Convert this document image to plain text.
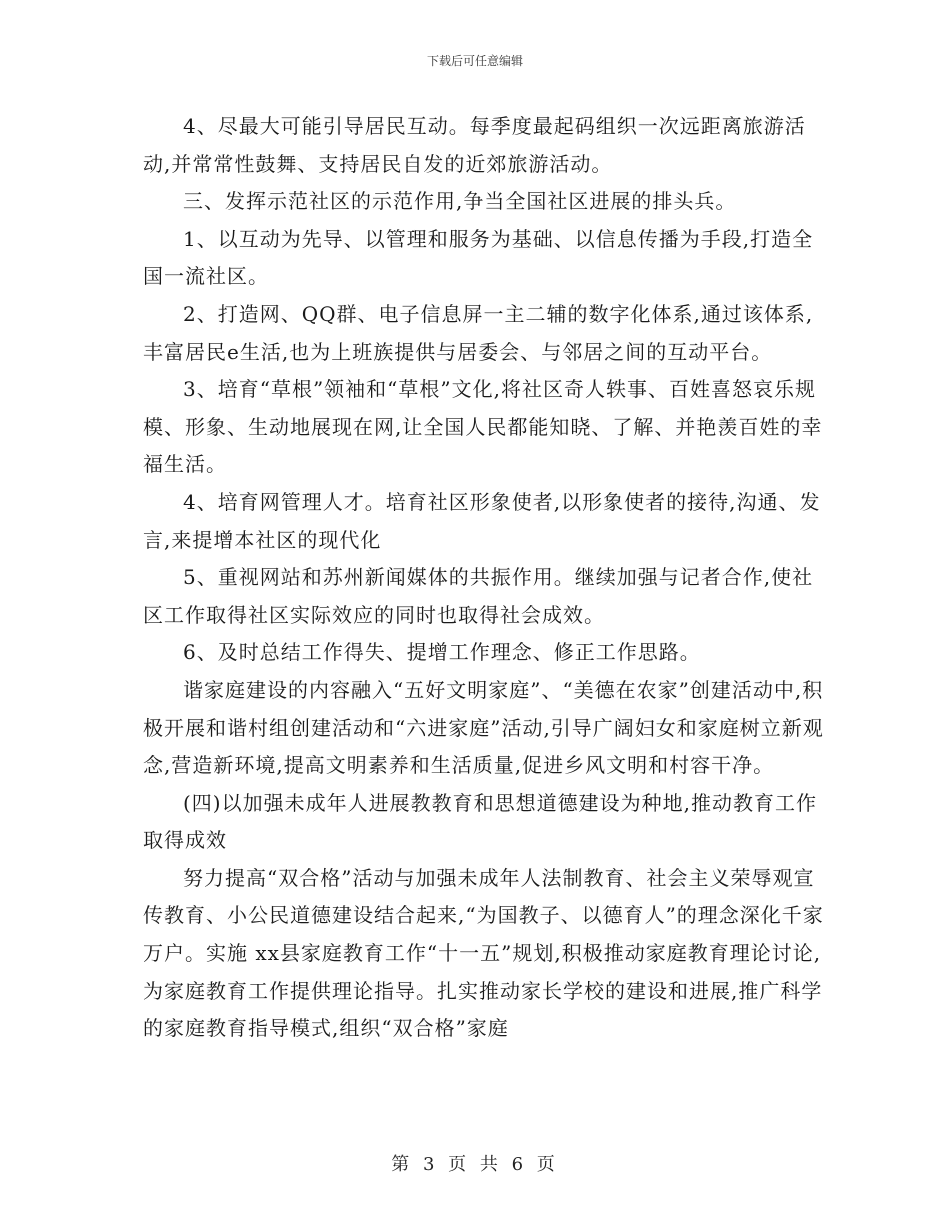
下载后可任意编辑

4、尽最大可能引导居民互动。每季度最起码组织一次远距离旅游活动,并常常性鼓舞、支持居民自发的近郊旅游活动。

三、发挥示范社区的示范作用,争当全国社区进展的排头兵。

1、以互动为先导、以管理和服务为基础、以信息传播为手段,打造全国一流社区。

2、打造网、QQ群、电子信息屏一主二辅的数字化体系,通过该体系,丰富居民e生活,也为上班族提供与居委会、与邻居之间的互动平台。

3、培育“草根”领袖和“草根”文化,将社区奇人轶事、百姓喜怒哀乐规模、形象、生动地展现在网,让全国人民都能知晓、了解、并艳羡百姓的幸福生活。

4、培育网管理人才。培育社区形象使者,以形象使者的接待,沟通、发言,来提增本社区的现代化

5、重视网站和苏州新闻媒体的共振作用。继续加强与记者合作,使社区工作取得社区实际效应的同时也取得社会成效。

6、及时总结工作得失、提增工作理念、修正工作思路。

谐家庭建设的内容融入“五好文明家庭”、“美德在农家”创建活动中,积极开展和谐村组创建活动和“六进家庭”活动,引导广阔妇女和家庭树立新观念,营造新环境,提高文明素养和生活质量,促进乡风文明和村容干净。

(四)以加强未成年人进展教教育和思想道德建设为种地,推动教育工作取得成效

努力提高“双合格”活动与加强未成年人法制教育、社会主义荣辱观宣传教育、小公民道德建设结合起来,“为国教子、以德育人”的理念深化千家万户。实施 xx县家庭教育工作“十一五”规划,积极推动家庭教育理论讨论,为家庭教育工作提供理论指导。扎实推动家长学校的建设和进展,推广科学的家庭教育指导模式,组织“双合格”家庭

第 3 页 共 6 页
